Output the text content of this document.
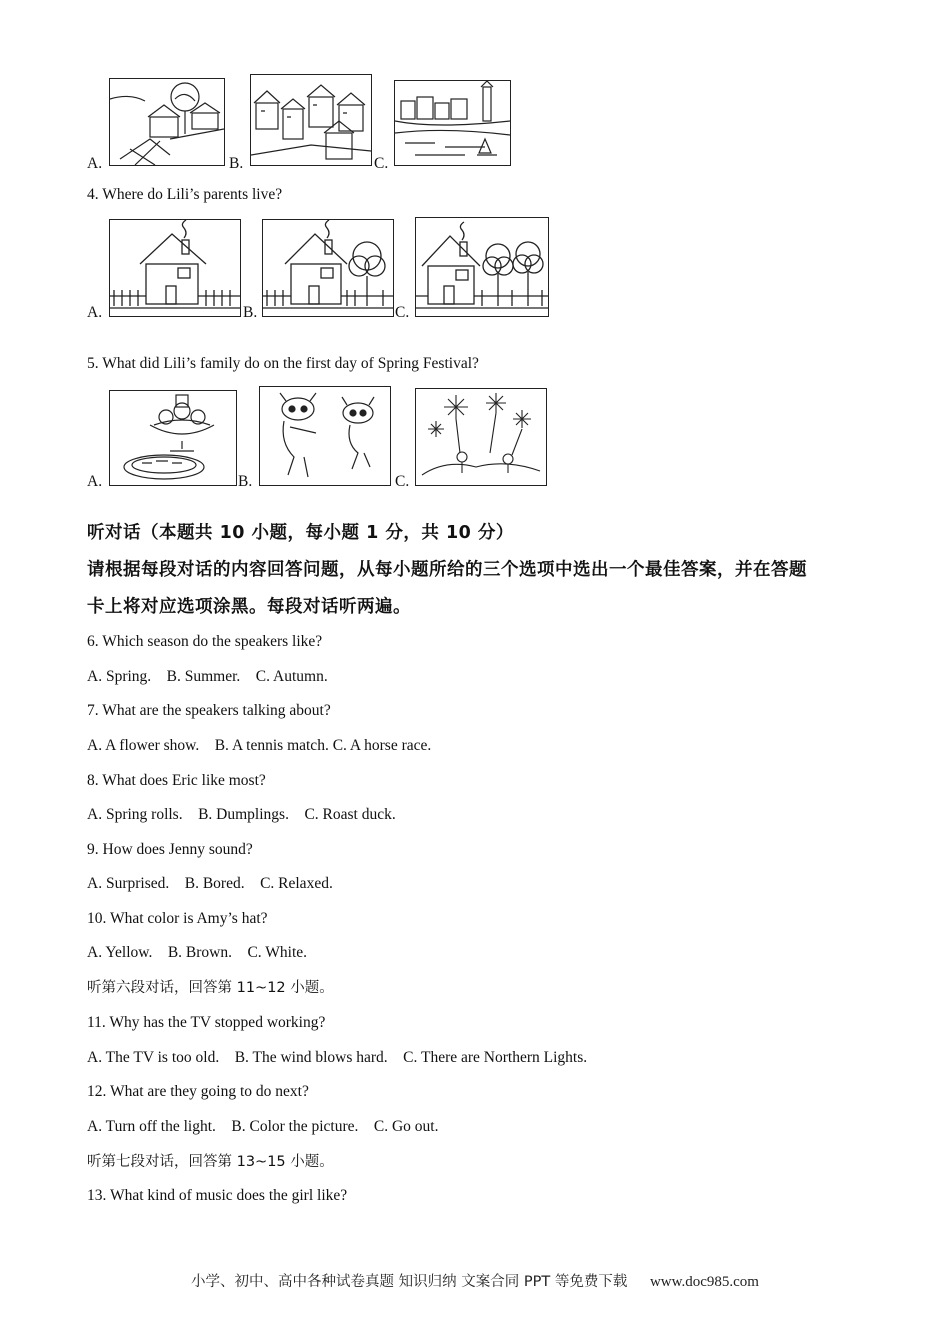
A.	B.	C.
4. Where do Lili’s parents live?
A.	B.	C.
5. What did Lili’s family do on the first day of Spring Festival?
A.	B.	C.
听对话（本题共 10 小题，每小题 1 分，共 10 分）
请根据每段对话的内容回答问题，从每小题所给的三个选项中选出一个最佳答案，并在答题
卡上将对应选项涂黑。每段对话听两遍。
6. Which season do the speakers like?
A. Spring.    B. Summer.    C. Autumn.
7. What are the speakers talking about?
A. A flower show.    B. A tennis match. C. A horse race.
8. What does Eric like most?
A. Spring rolls.    B. Dumplings.    C. Roast duck.
9. How does Jenny sound?
A. Surprised.    B. Bored.    C. Relaxed.
10. What color is Amy’s hat?
A. Yellow.    B. Brown.    C. White.
听第六段对话，回答第 11~12 小题。
11. Why has the TV stopped working?
A. The TV is too old.    B. The wind blows hard.    C. There are Northern Lights.
12. What are they going to do next?
A. Turn off the light.    B. Color the picture.    C. Go out.
听第七段对话，回答第 13~15 小题。
13. What kind of music does the girl like?
小学、初中、高中各种试卷真题 知识归纳 文案合同 PPT 等免费下载 www.doc985.com
